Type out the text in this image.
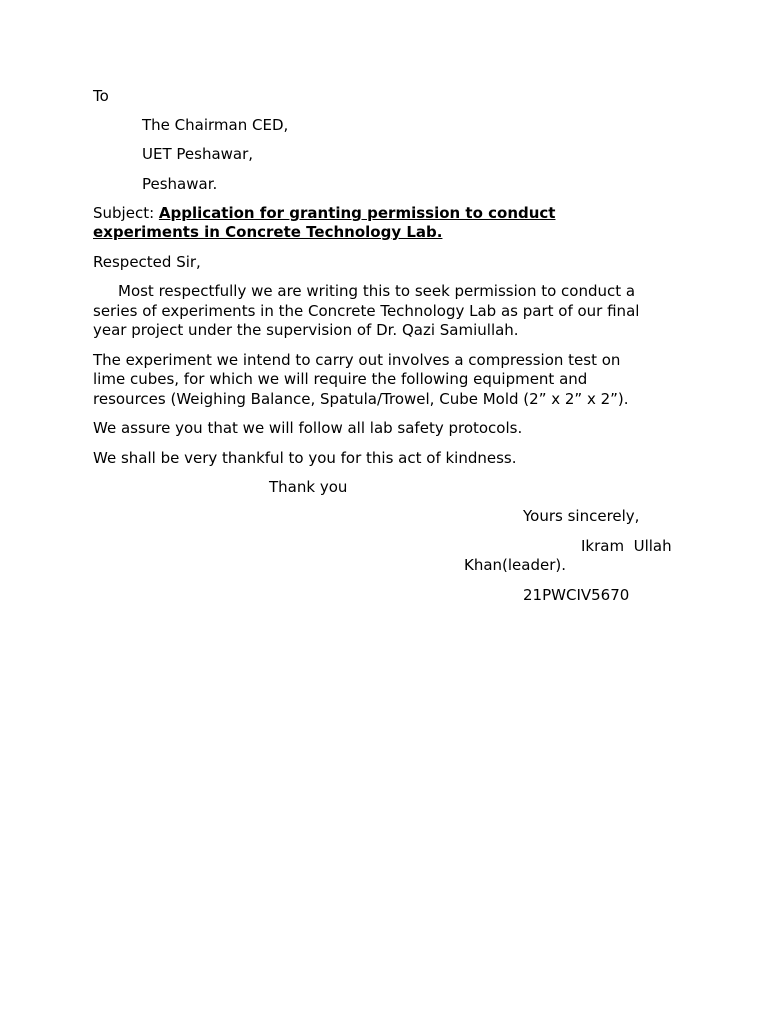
To
The Chairman CED,
UET Peshawar,
Peshawar.
Subject: Application for granting permission to conduct
experiments in Concrete Technology Lab.
Respected Sir,
Most respectfully we are writing this to seek permission to conduct a
series of experiments in the Concrete Technology Lab as part of our final
year project under the supervision of Dr. Qazi Samiullah.
The experiment we intend to carry out involves a compression test on
lime cubes, for which we will require the following equipment and
resources (Weighing Balance, Spatula/Trowel, Cube Mold (2” x 2” x 2”).
We assure you that we will follow all lab safety protocols.
We shall be very thankful to you for this act of kindness.
Thank you
Yours sincerely,
Ikram  Ullah
Khan(leader).
21PWCIV5670
